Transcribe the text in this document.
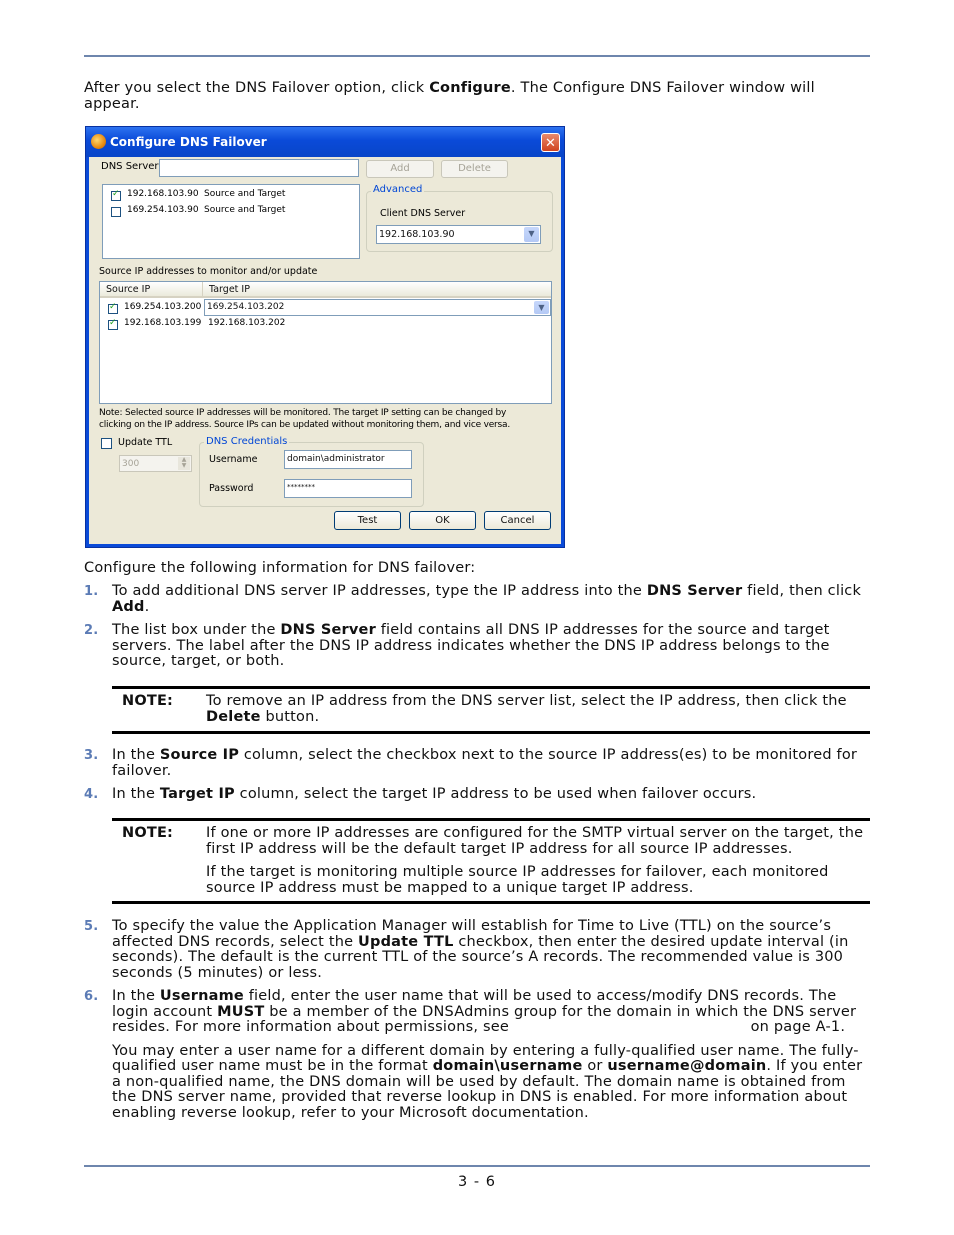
After you select the DNS Failover option, click Configure. The Configure DNS Failover window will appear.
Configure DNS Failover	✕
DNS Server	Add	Delete
✓
192.168.103.90 Source and Target
169.254.103.90 Source and Target
Advanced
Client DNS Server
192.168.103.90	▼
Source IP addresses to monitor and/or update
Source IP	Target IP
✓
169.254.103.200 169.254.103.202	▼
✓
192.168.103.199 192.168.103.202
Note: Selected source IP addresses will be monitored. The target IP setting can be changed by
clicking on the IP address. Source IPs can be updated without monitoring them, and vice versa.
Update TTL
300	▲
▼
DNS Credentials
Username	domain\administrator
Password	********
Test	OK	Cancel
Configure the following information for DNS failover:
1. To add additional DNS server IP addresses, type the IP address into the DNS Server field, then click Add.
2. The list box under the DNS Server field contains all DNS IP addresses for the source and target servers. The label after the DNS IP address indicates whether the DNS IP address belongs to the source, target, or both.
NOTE: To remove an IP address from the DNS server list, select the IP address, then click the Delete button.
3. In the Source IP column, select the checkbox next to the source IP address(es) to be monitored for failover.
4. In the Target IP column, select the target IP address to be used when failover occurs.
NOTE: If one or more IP addresses are configured for the SMTP virtual server on the target, the first IP address will be the default target IP address for all source IP addresses.

If the target is monitoring multiple source IP addresses for failover, each monitored source IP address must be mapped to a unique target IP address.

5. To specify the value the Application Manager will establish for Time to Live (TTL) on the source’s affected DNS records, select the Update TTL checkbox, then enter the desired update interval (in seconds). The default is the current TTL of the source’s A records. The recommended value is 300 seconds (5 minutes) or less.
6. In the Username field, enter the user name that will be used to access/modify DNS records. The login account MUST be a member of the DNSAdmins group for the domain in which the DNS server resides. For more information about permissions, see	on page A-1.

You may enter a user name for a different domain by entering a fully-qualified user name. The fully-qualified user name must be in the format domain\username or username@domain. If you enter a non-qualified name, the DNS domain will be used by default. The domain name is obtained from the DNS server name, provided that reverse lookup in DNS is enabled. For more information about enabling reverse lookup, refer to your Microsoft documentation.

3 - 6
